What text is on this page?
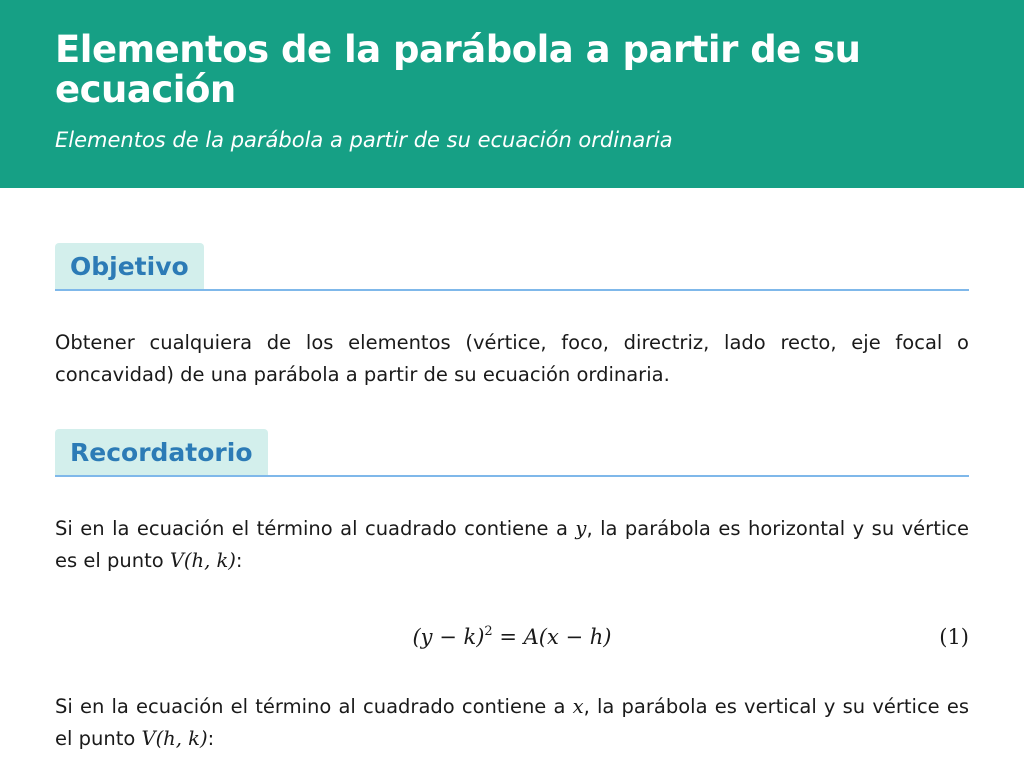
Elementos de la parábola a partir de su ecuación
Elementos de la parábola a partir de su ecuación ordinaria
Objetivo

Obtener cualquiera de los elementos (vértice, foco, directriz, lado recto, eje focal o concavidad) de una parábola a partir de su ecuación ordinaria.

Recordatorio

Si en la ecuación el término al cuadrado contiene a y, la parábola es horizontal y su vértice es el punto V(h, k):

$(y - k)^2 = A(x - h)$	(1)

Si en la ecuación el término al cuadrado contiene a x, la parábola es vertical y su vértice es el punto V(h, k):
